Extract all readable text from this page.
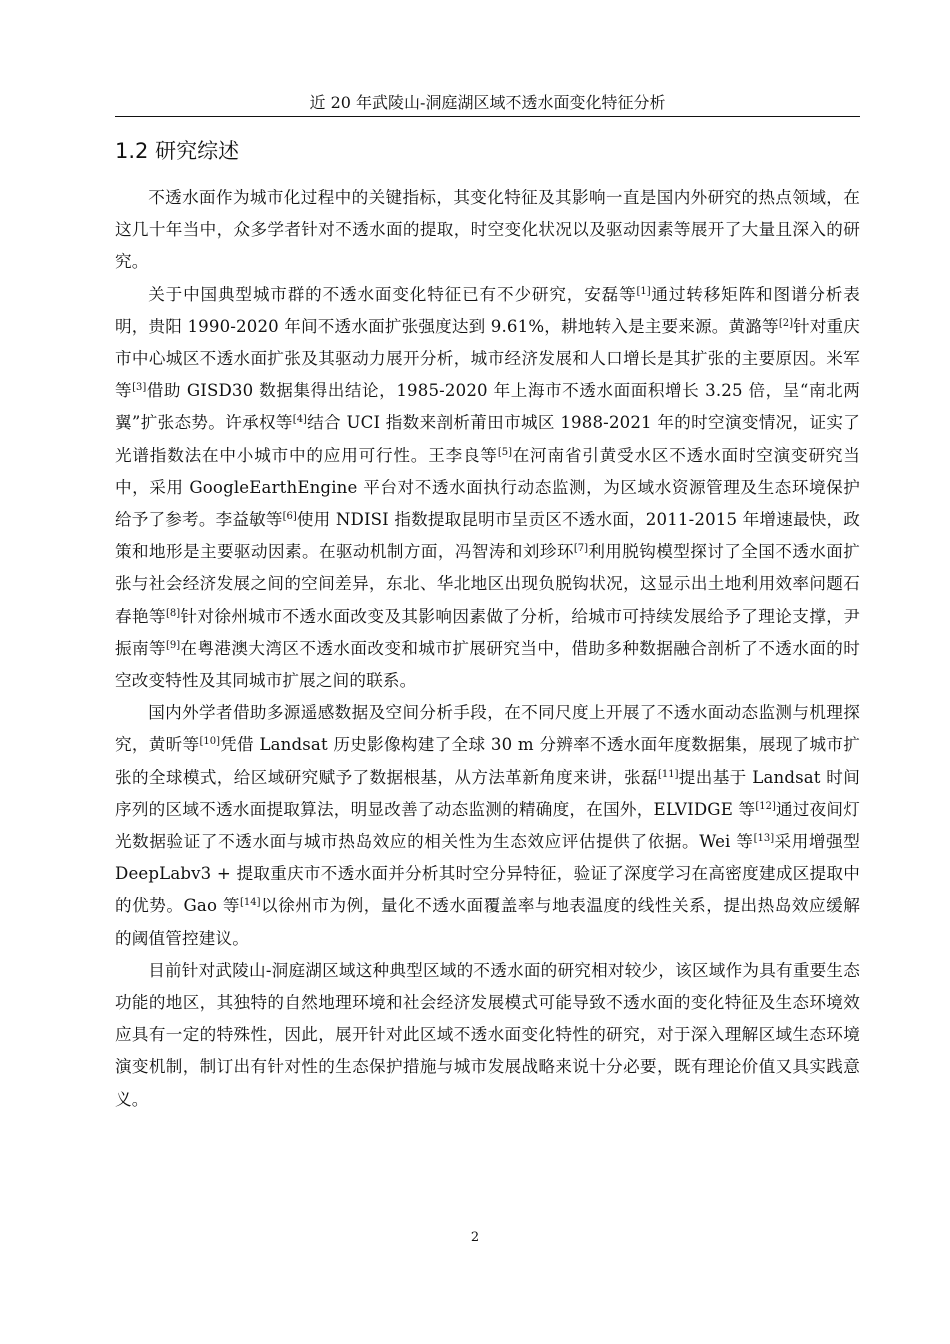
近 20 年武陵山-洞庭湖区域不透水面变化特征分析
1.2 研究综述

不透水面作为城市化过程中的关键指标，其变化特征及其影响一直是国内外研究的热点领域，在这几十年当中，众多学者针对不透水面的提取，时空变化状况以及驱动因素等展开了大量且深入的研究。

关于中国典型城市群的不透水面变化特征已有不少研究，安磊等[1]通过转移矩阵和图谱分析表明，贵阳 1990-2020 年间不透水面扩张强度达到 9.61%，耕地转入是主要来源。黄潞等[2]针对重庆市中心城区不透水面扩张及其驱动力展开分析，城市经济发展和人口增长是其扩张的主要原因。米军等[3]借助 GISD30 数据集得出结论，1985-2020 年上海市不透水面面积增长 3.25 倍，呈“南北两翼”扩张态势。许承权等[4]结合 UCI 指数来剖析莆田市城区 1988-2021 年的时空演变情况，证实了光谱指数法在中小城市中的应用可行性。王李良等[5]在河南省引黄受水区不透水面时空演变研究当中，采用 GoogleEarthEngine 平台对不透水面执行动态监测，为区域水资源管理及生态环境保护给予了参考。李益敏等[6]使用 NDISI 指数提取昆明市呈贡区不透水面，2011-2015 年增速最快，政策和地形是主要驱动因素。在驱动机制方面，冯智涛和刘珍环[7]利用脱钩模型探讨了全国不透水面扩张与社会经济发展之间的空间差异，东北、华北地区出现负脱钩状况，这显示出土地利用效率问题石春艳等[8]针对徐州城市不透水面改变及其影响因素做了分析，给城市可持续发展给予了理论支撑，尹振南等[9]在粤港澳大湾区不透水面改变和城市扩展研究当中，借助多种数据融合剖析了不透水面的时空改变特性及其同城市扩展之间的联系。

国内外学者借助多源遥感数据及空间分析手段，在不同尺度上开展了不透水面动态监测与机理探究，黄昕等[10]凭借 Landsat 历史影像构建了全球 30 m 分辨率不透水面年度数据集，展现了城市扩张的全球模式，给区域研究赋予了数据根基，从方法革新角度来讲，张磊[11]提出基于 Landsat 时间序列的区域不透水面提取算法，明显改善了动态监测的精确度，在国外，ELVIDGE 等[12]通过夜间灯光数据验证了不透水面与城市热岛效应的相关性为生态效应评估提供了依据。Wei 等[13]采用增强型 DeepLabv3 + 提取重庆市不透水面并分析其时空分异特征，验证了深度学习在高密度建成区提取中的优势。Gao 等[14]以徐州市为例，量化不透水面覆盖率与地表温度的线性关系，提出热岛效应缓解的阈值管控建议。

目前针对武陵山-洞庭湖区域这种典型区域的不透水面的研究相对较少，该区域作为具有重要生态功能的地区，其独特的自然地理环境和社会经济发展模式可能导致不透水面的变化特征及生态环境效应具有一定的特殊性，因此，展开针对此区域不透水面变化特性的研究，对于深入理解区域生态环境演变机制，制订出有针对性的生态保护措施与城市发展战略来说十分必要，既有理论价值又具实践意义。

2
